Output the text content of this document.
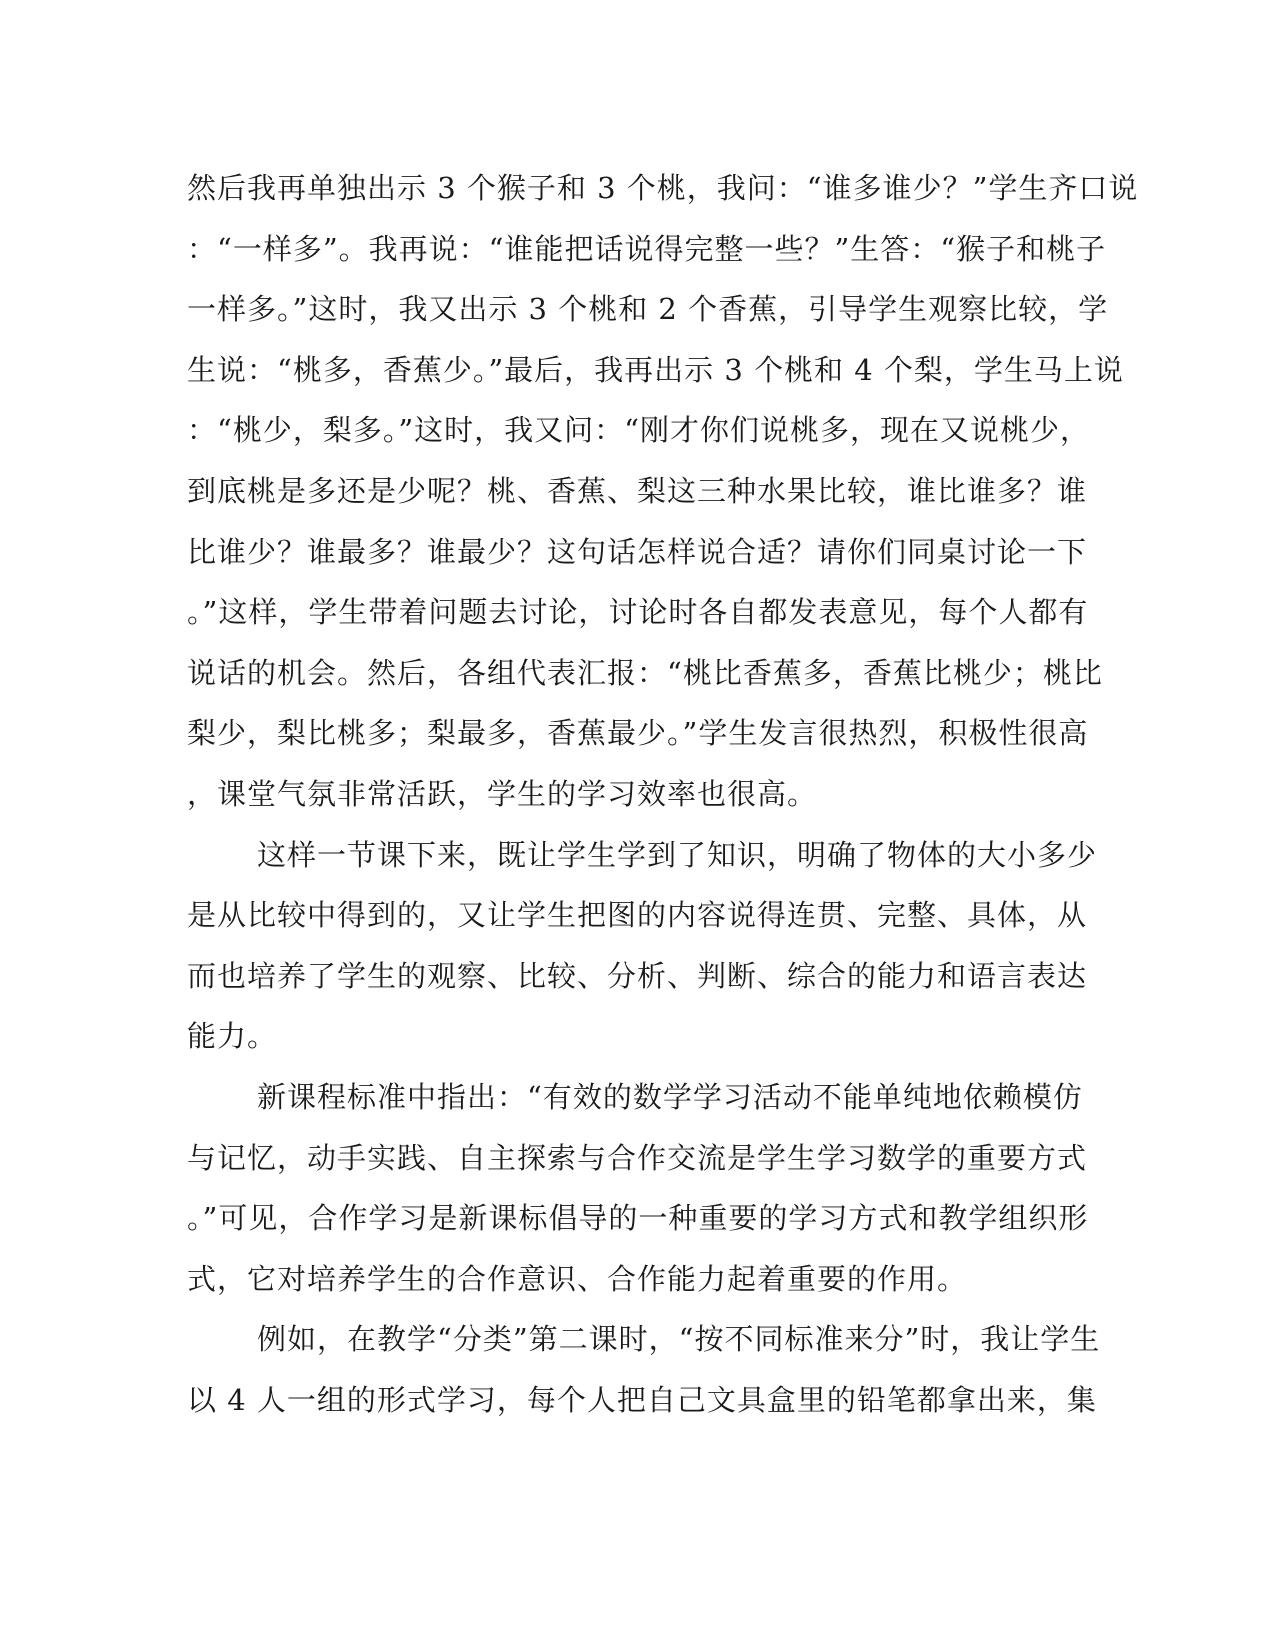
然后我再单独出示 3 个猴子和 3 个桃，我问：“谁多谁少？”学生齐口说
：“一样多”。我再说：“谁能把话说得完整一些？”生答：“猴子和桃子
一样多。”这时，我又出示 3 个桃和 2 个香蕉，引导学生观察比较，学
生说：“桃多，香蕉少。”最后，我再出示 3 个桃和 4 个梨，学生马上说
：“桃少，梨多。”这时，我又问：“刚才你们说桃多，现在又说桃少，
到底桃是多还是少呢？桃、香蕉、梨这三种水果比较，谁比谁多？谁
比谁少？谁最多？谁最少？这句话怎样说合适？请你们同桌讨论一下
。”这样，学生带着问题去讨论，讨论时各自都发表意见，每个人都有
说话的机会。然后，各组代表汇报：“桃比香蕉多，香蕉比桃少；桃比
梨少，梨比桃多；梨最多，香蕉最少。”学生发言很热烈，积极性很高
，课堂气氛非常活跃，学生的学习效率也很高。
这样一节课下来，既让学生学到了知识，明确了物体的大小多少
是从比较中得到的，又让学生把图的内容说得连贯、完整、具体，从
而也培养了学生的观察、比较、分析、判断、综合的能力和语言表达
能力。
新课程标准中指出：“有效的数学学习活动不能单纯地依赖模仿
与记忆，动手实践、自主探索与合作交流是学生学习数学的重要方式
。”可见，合作学习是新课标倡导的一种重要的学习方式和教学组织形
式，它对培养学生的合作意识、合作能力起着重要的作用。
例如，在教学“分类”第二课时，“按不同标准来分”时，我让学生
以 4 人一组的形式学习，每个人把自己文具盒里的铅笔都拿出来，集
